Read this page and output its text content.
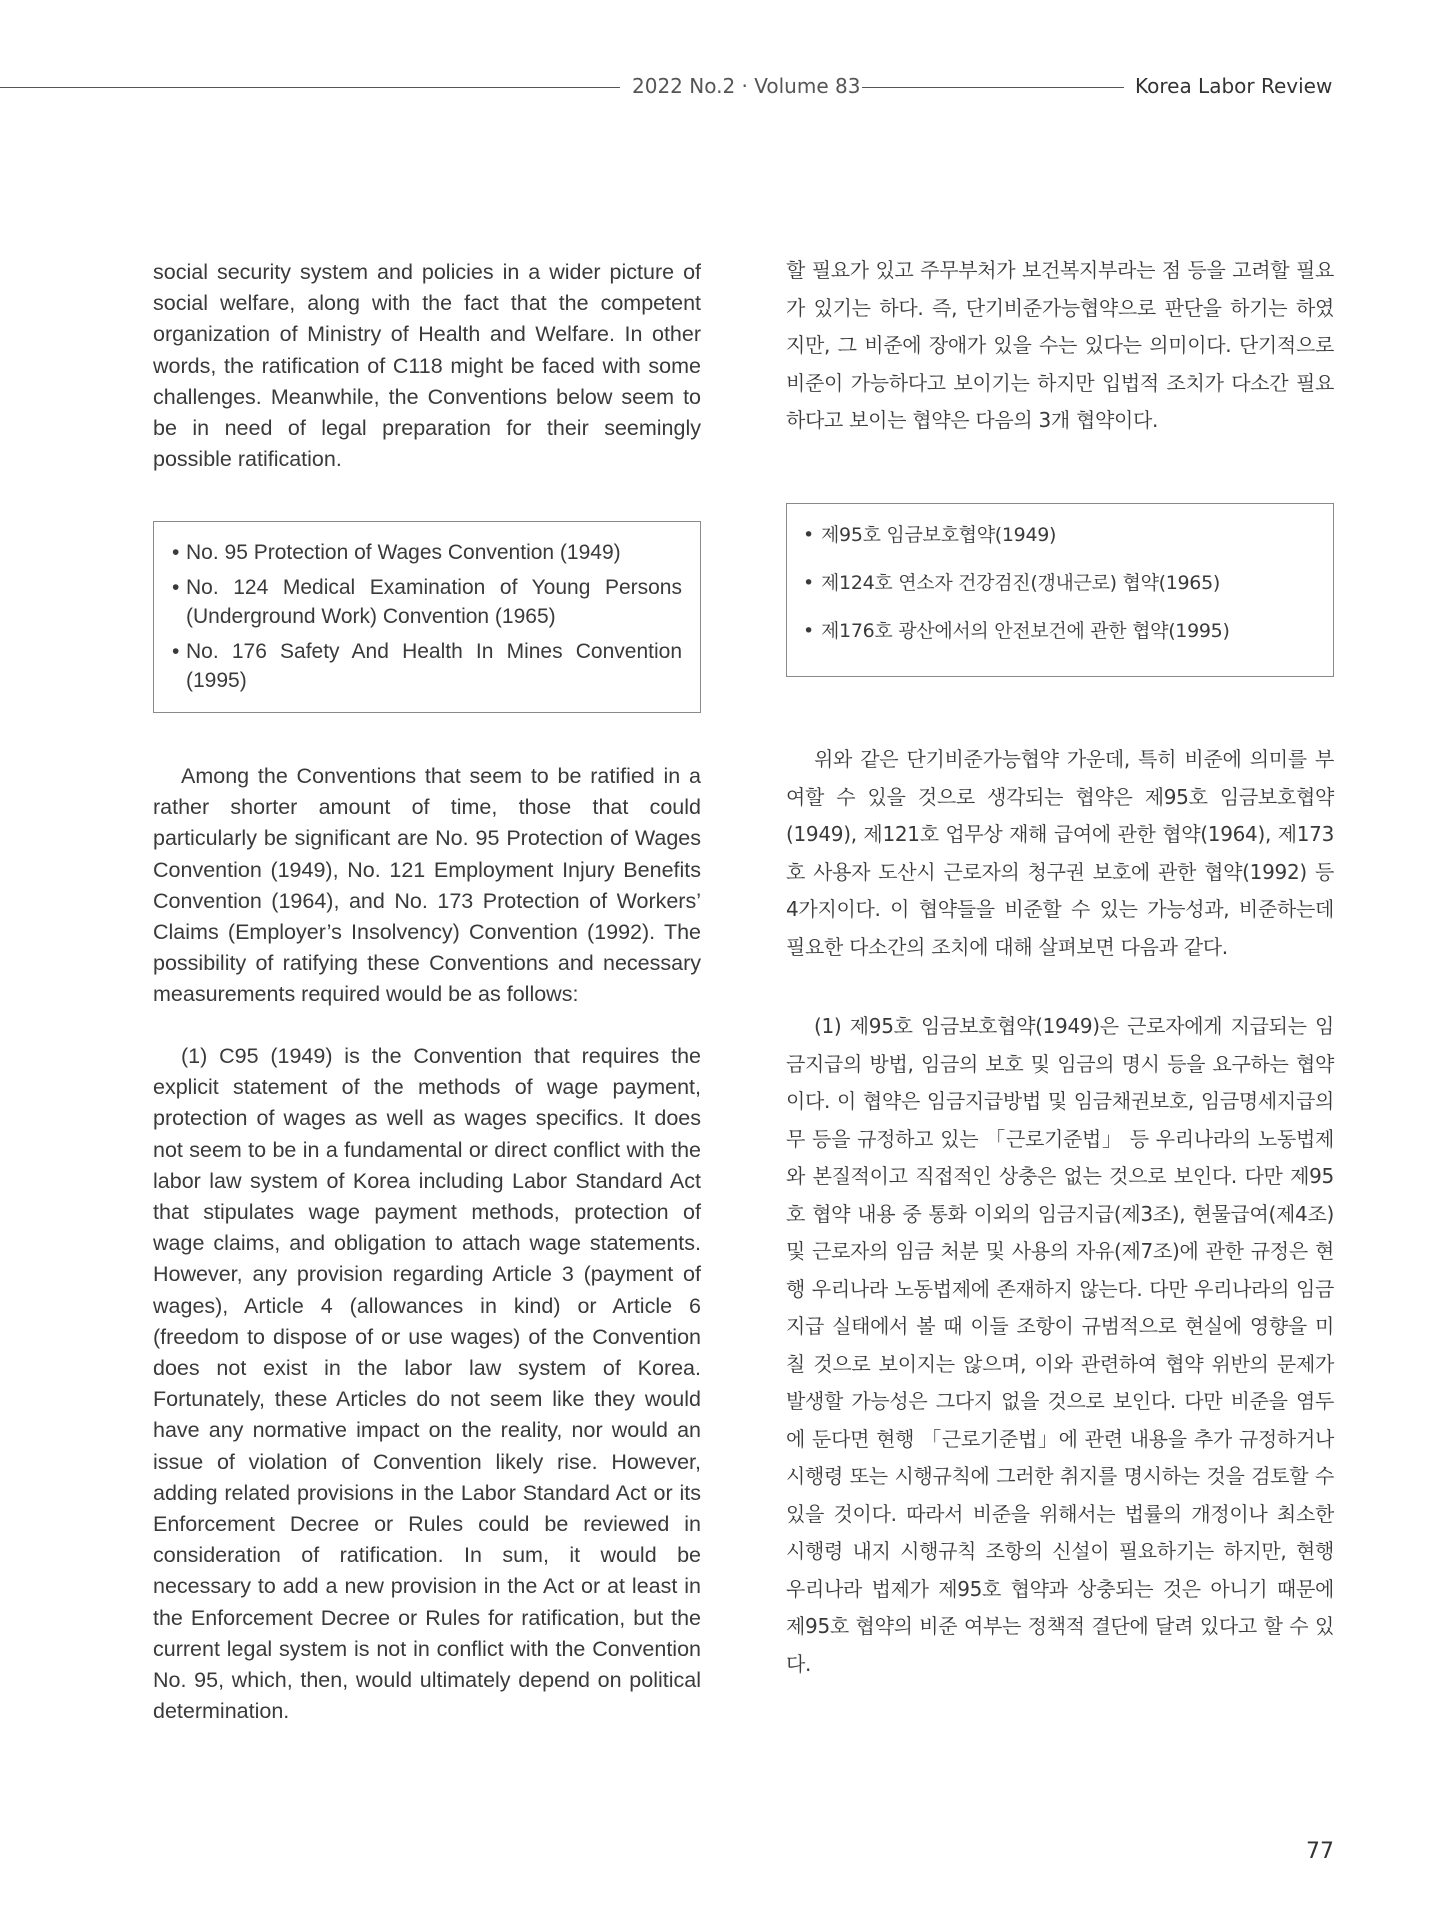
2022 No.2 · Volume 83	Korea Labor Review

social security system and policies in a wider picture of social welfare, along with the fact that the competent organization of Ministry of Health and Welfare. In other words, the ratification of C118 might be faced with some challenges. Meanwhile, the Conventions below seem to be in need of legal preparation for their seemingly possible ratification.

• No. 95 Protection of Wages Convention (1949)
• No. 124 Medical Examination of Young Persons (Underground Work) Convention (1965)
• No. 176 Safety And Health In Mines Convention (1995)

Among the Conventions that seem to be ratified in a rather shorter amount of time, those that could particularly be significant are No. 95 Protection of Wages Convention (1949), No. 121 Employment Injury Benefits Convention (1964), and No. 173 Protection of Workers’ Claims (Employer’s Insolvency) Convention (1992). The possibility of ratifying these Conventions and necessary measurements required would be as follows:

(1) C95 (1949) is the Convention that requires the explicit statement of the methods of wage payment, protection of wages as well as wages specifics. It does not seem to be in a fundamental or direct conflict with the labor law system of Korea including Labor Standard Act that stipulates wage payment methods, protection of wage claims, and obligation to attach wage statements. However, any provision regarding Article 3 (payment of wages), Article 4 (allowances in kind) or Article 6 (freedom to dispose of or use wages) of the Convention does not exist in the labor law system of Korea. Fortunately, these Articles do not seem like they would have any normative impact on the reality, nor would an issue of violation of Convention likely rise. However, adding related provisions in the Labor Standard Act or its Enforcement Decree or Rules could be reviewed in consideration of ratification. In sum, it would be necessary to add a new provision in the Act or at least in the Enforcement Decree or Rules for ratification, but the current legal system is not in conflict with the Convention No. 95, which, then, would ultimately depend on political determination.

할 필요가 있고 주무부처가 보건복지부라는 점 등을 고려할 필요가 있기는 하다. 즉, 단기비준가능협약으로 판단을 하기는 하였지만, 그 비준에 장애가 있을 수는 있다는 의미이다. 단기적으로 비준이 가능하다고 보이기는 하지만 입법적 조치가 다소간 필요하다고 보이는 협약은 다음의 3개 협약이다.

• 제95호 임금보호협약(1949)
• 제124호 연소자 건강검진(갱내근로) 협약(1965)
• 제176호 광산에서의 안전보건에 관한 협약(1995)

위와 같은 단기비준가능협약 가운데, 특히 비준에 의미를 부여할 수 있을 것으로 생각되는 협약은 제95호 임금보호협약(1949), 제121호 업무상 재해 급여에 관한 협약(1964), 제173호 사용자 도산시 근로자의 청구권 보호에 관한 협약(1992) 등 4가지이다. 이 협약들을 비준할 수 있는 가능성과, 비준하는데 필요한 다소간의 조치에 대해 살펴보면 다음과 같다.

(1) 제95호 임금보호협약(1949)은 근로자에게 지급되는 임금지급의 방법, 임금의 보호 및 임금의 명시 등을 요구하는 협약이다. 이 협약은 임금지급방법 및 임금채권보호, 임금명세지급의무 등을 규정하고 있는 「근로기준법」 등 우리나라의 노동법제와 본질적이고 직접적인 상충은 없는 것으로 보인다. 다만 제95호 협약 내용 중 통화 이외의 임금지급(제3조), 현물급여(제4조) 및 근로자의 임금 처분 및 사용의 자유(제7조)에 관한 규정은 현행 우리나라 노동법제에 존재하지 않는다. 다만 우리나라의 임금지급 실태에서 볼 때 이들 조항이 규범적으로 현실에 영향을 미칠 것으로 보이지는 않으며, 이와 관련하여 협약 위반의 문제가 발생할 가능성은 그다지 없을 것으로 보인다. 다만 비준을 염두에 둔다면 현행 「근로기준법」에 관련 내용을 추가 규정하거나 시행령 또는 시행규칙에 그러한 취지를 명시하는 것을 검토할 수 있을 것이다. 따라서 비준을 위해서는 법률의 개정이나 최소한 시행령 내지 시행규칙 조항의 신설이 필요하기는 하지만, 현행 우리나라 법제가 제95호 협약과 상충되는 것은 아니기 때문에 제95호 협약의 비준 여부는 정책적 결단에 달려 있다고 할 수 있다.

77
